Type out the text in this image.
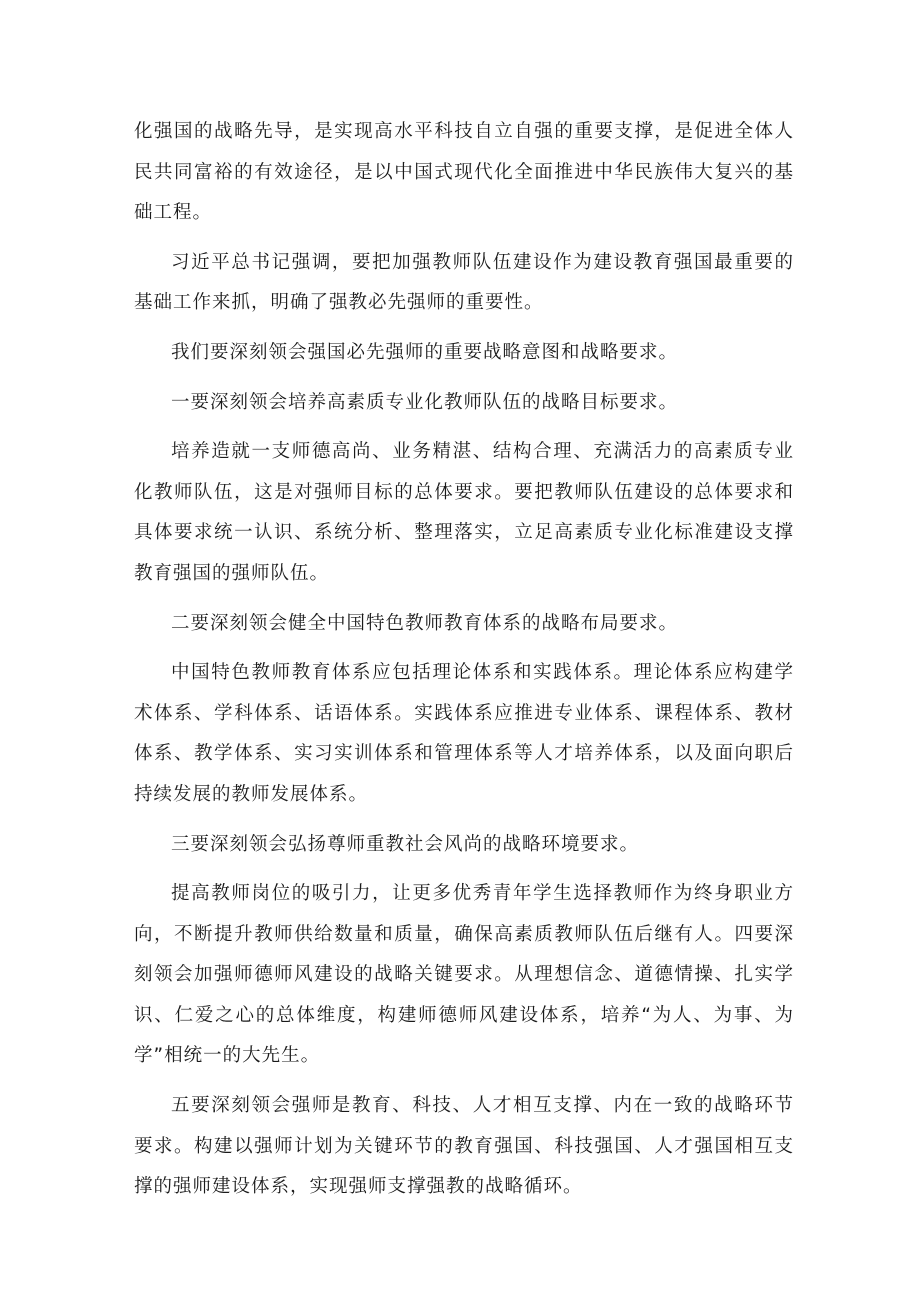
化强国的战略先导，是实现高水平科技自立自强的重要支撑，是促进全体人民共同富裕的有效途径，是以中国式现代化全面推进中华民族伟大复兴的基础工程。

习近平总书记强调，要把加强教师队伍建设作为建设教育强国最重要的基础工作来抓，明确了强教必先强师的重要性。

我们要深刻领会强国必先强师的重要战略意图和战略要求。

一要深刻领会培养高素质专业化教师队伍的战略目标要求。

培养造就一支师德高尚、业务精湛、结构合理、充满活力的高素质专业化教师队伍，这是对强师目标的总体要求。要把教师队伍建设的总体要求和具体要求统一认识、系统分析、整理落实，立足高素质专业化标准建设支撑教育强国的强师队伍。

二要深刻领会健全中国特色教师教育体系的战略布局要求。

中国特色教师教育体系应包括理论体系和实践体系。理论体系应构建学术体系、学科体系、话语体系。实践体系应推进专业体系、课程体系、教材体系、教学体系、实习实训体系和管理体系等人才培养体系，以及面向职后持续发展的教师发展体系。

三要深刻领会弘扬尊师重教社会风尚的战略环境要求。

提高教师岗位的吸引力，让更多优秀青年学生选择教师作为终身职业方向，不断提升教师供给数量和质量，确保高素质教师队伍后继有人。四要深刻领会加强师德师风建设的战略关键要求。从理想信念、道德情操、扎实学识、仁爱之心的总体维度，构建师德师风建设体系，培养“为人、为事、为学”相统一的大先生。

五要深刻领会强师是教育、科技、人才相互支撑、内在一致的战略环节要求。构建以强师计划为关键环节的教育强国、科技强国、人才强国相互支撑的强师建设体系，实现强师支撑强教的战略循环。
